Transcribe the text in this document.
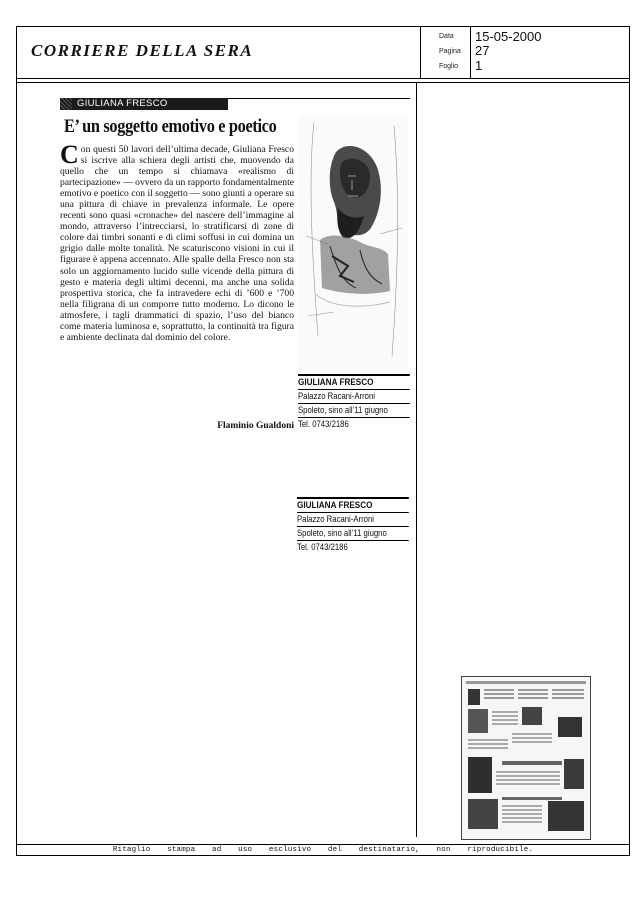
CORRIERE DELLA SERA
Data 15-05-2000
Pagina 27
Foglio 1
Ritaglio stampa ad uso esclusivo del destinatario, non riproducibile.
GIULIANA FRESCO
E’ un soggetto emotivo e poetico
Con questi 50 lavori dell’ultima decade, Giuliana Fresco si iscrive alla schiera degli artisti che, muovendo da quello che un tempo si chiamava «realismo di partecipazione» — ovvero da un rapporto fondamentalmente emotivo e poetico con il soggetto — sono giunti a operare su una pittura di chiave in prevalenza informale. Le opere recenti sono quasi «cronache» del nascere dell’immagine al mondo, attraverso l’intrecciarsi, lo stratificarsi di zone di colore dai timbri sonanti e di climi soffusi in cui domina un grigio dalle molte tonalità. Ne scaturiscono visioni in cui il figurare è appena accennato. Alle spalle della Fresco non sta solo un aggiornamento lucido sulle vicende della pittura di gesto e materia degli ultimi decenni, ma anche una solida prospettiva storica, che fa intravedere echi di ’600 e ’700 nella filigrana di un comporre tutto moderno. Lo dicono le atmosfere, i tagli drammatici di spazio, l’uso del bianco come materia luminosa e, soprattutto, la continuità tra figura e ambiente declinata dal dominio del colore.
Flaminio Gualdoni
GIULIANA FRESCO
Palazzo Racani-Arroni
Spoleto, sino all’11 giugno
Tel. 0743/2186
GIULIANA FRESCO
Palazzo Racani-Arroni
Spoleto, sino all’11 giugno
Tel. 0743/2186
